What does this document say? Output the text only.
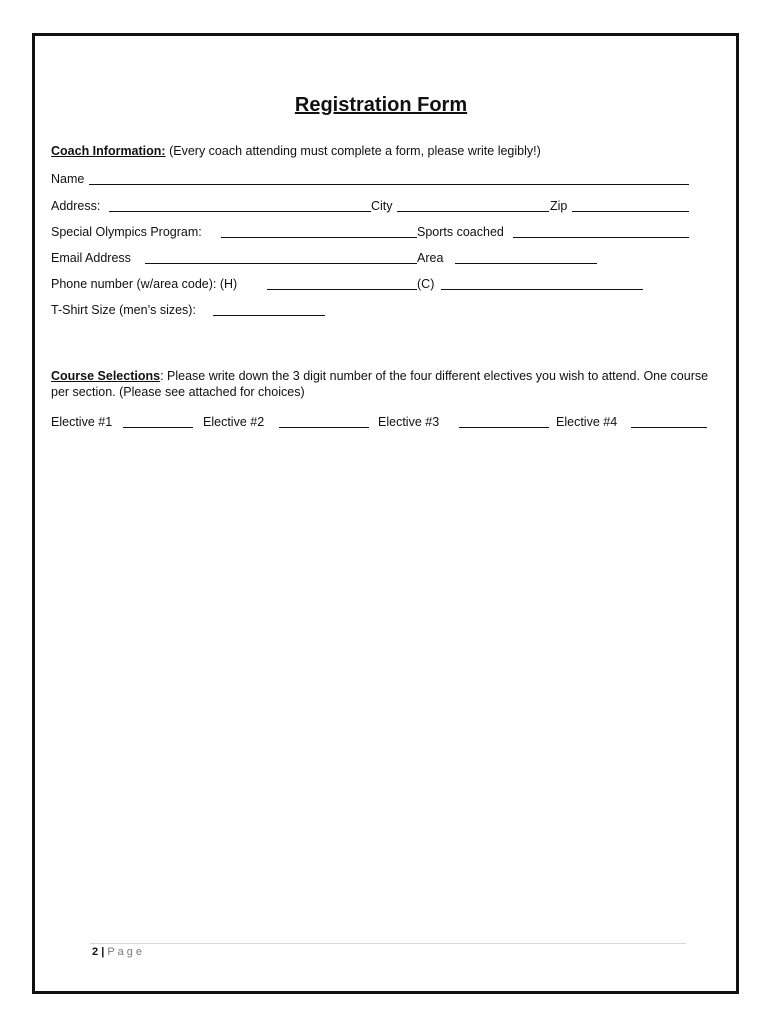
Registration Form
Coach Information: (Every coach attending must complete a form, please write legibly!)
Name
Address:	City	Zip
Special Olympics Program:	Sports coached
Email Address	Area
Phone number (w/area code): (H)	(C)
T-Shirt Size (men’s sizes):
Course Selections: Please write down the 3 digit number of the four different electives you wish to attend. One course per section. (Please see attached for choices)
Elective #1	Elective #2	Elective #3	Elective #4
2 | Page
